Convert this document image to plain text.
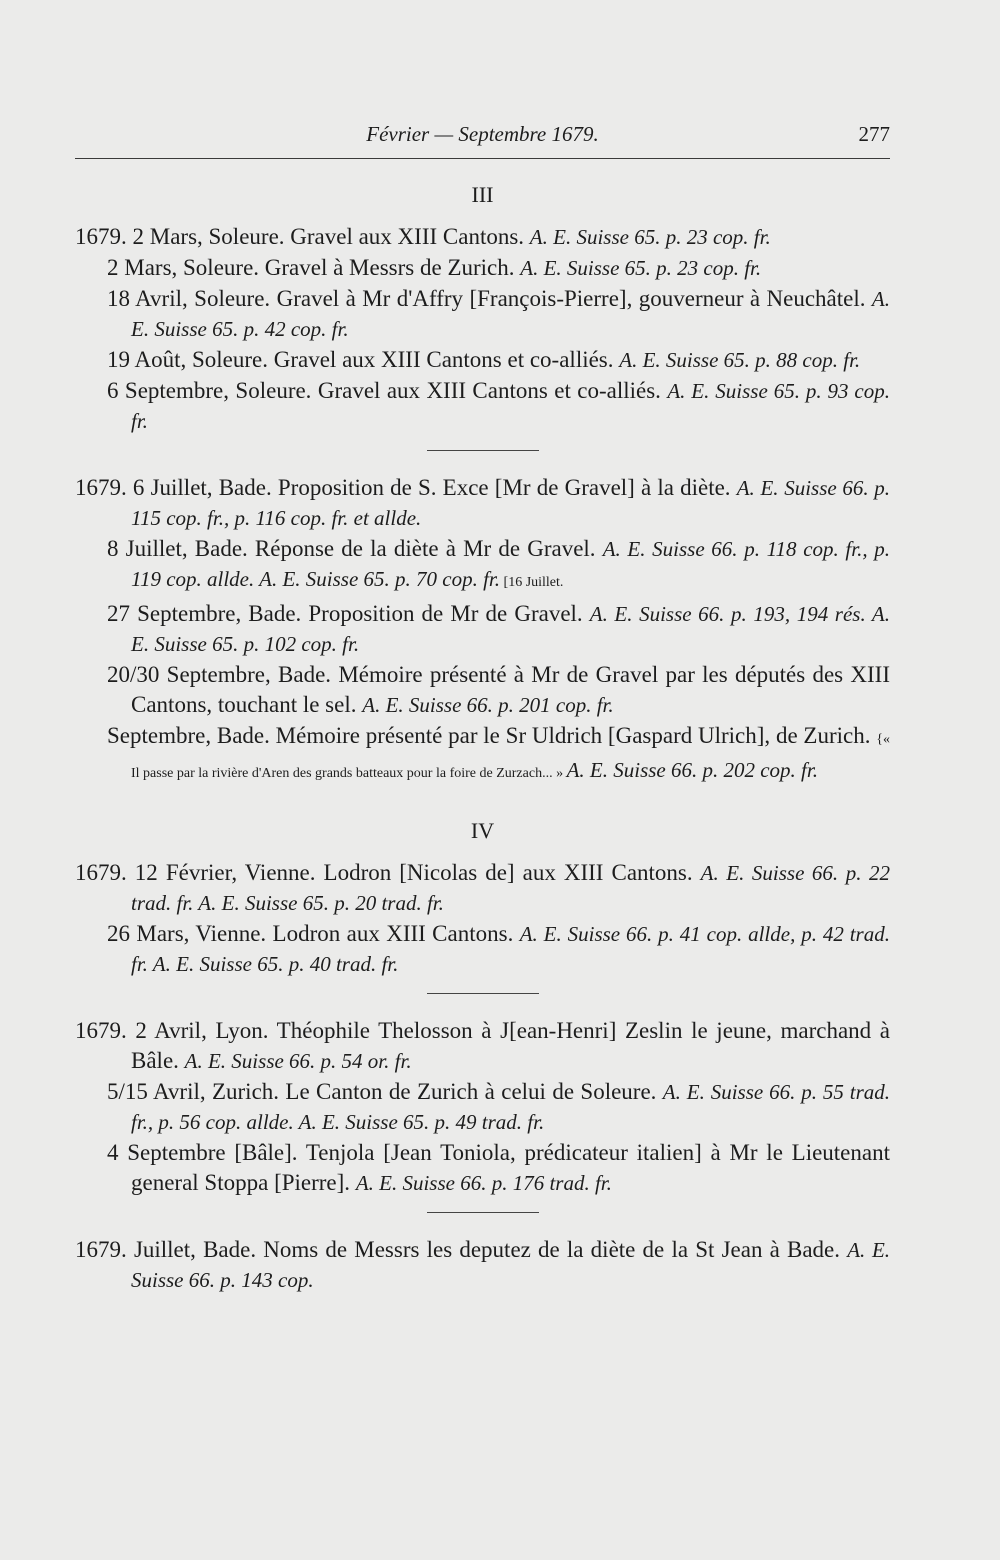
Février — Septembre 1679.	277
III

1679. 2 Mars, Soleure. Gravel aux XIII Cantons. A. E. Suisse 65. p. 23 cop. fr.

2 Mars, Soleure. Gravel à Messrs de Zurich. A. E. Suisse 65. p. 23 cop. fr.

18 Avril, Soleure. Gravel à Mr d'Affry [François-Pierre], gouverneur à Neuchâtel. A. E. Suisse 65. p. 42 cop. fr.

19 Août, Soleure. Gravel aux XIII Cantons et co-alliés. A. E. Suisse 65. p. 88 cop. fr.

6 Septembre, Soleure. Gravel aux XIII Cantons et co-alliés. A. E. Suisse 65. p. 93 cop. fr.

1679. 6 Juillet, Bade. Proposition de S. Exce [Mr de Gravel] à la diète. A. E. Suisse 66. p. 115 cop. fr., p. 116 cop. fr. et allde.

8 Juillet, Bade. Réponse de la diète à Mr de Gravel. A. E. Suisse 66. p. 118 cop. fr., p. 119 cop. allde. A. E. Suisse 65. p. 70 cop. fr. [16 Juillet.

27 Septembre, Bade. Proposition de Mr de Gravel. A. E. Suisse 66. p. 193, 194 rés. A. E. Suisse 65. p. 102 cop. fr.

20/30 Septembre, Bade. Mémoire présenté à Mr de Gravel par les députés des XIII Cantons, touchant le sel. A. E. Suisse 66. p. 201 cop. fr.

Septembre, Bade. Mémoire présenté par le Sr Uldrich [Gaspard Ulrich], de Zurich. {« Il passe par la rivière d'Aren des grands batteaux pour la foire de Zurzach... » A. E. Suisse 66. p. 202 cop. fr.

IV

1679. 12 Février, Vienne. Lodron [Nicolas de] aux XIII Cantons. A. E. Suisse 66. p. 22 trad. fr. A. E. Suisse 65. p. 20 trad. fr.

26 Mars, Vienne. Lodron aux XIII Cantons. A. E. Suisse 66. p. 41 cop. allde, p. 42 trad. fr. A. E. Suisse 65. p. 40 trad. fr.

1679. 2 Avril, Lyon. Théophile Thelosson à J[ean-Henri] Zeslin le jeune, marchand à Bâle. A. E. Suisse 66. p. 54 or. fr.

5/15 Avril, Zurich. Le Canton de Zurich à celui de Soleure. A. E. Suisse 66. p. 55 trad. fr., p. 56 cop. allde. A. E. Suisse 65. p. 49 trad. fr.

4 Septembre [Bâle]. Tenjola [Jean Toniola, prédicateur italien] à Mr le Lieutenant general Stoppa [Pierre]. A. E. Suisse 66. p. 176 trad. fr.

1679. Juillet, Bade. Noms de Messrs les deputez de la diète de la St Jean à Bade. A. E. Suisse 66. p. 143 cop.
